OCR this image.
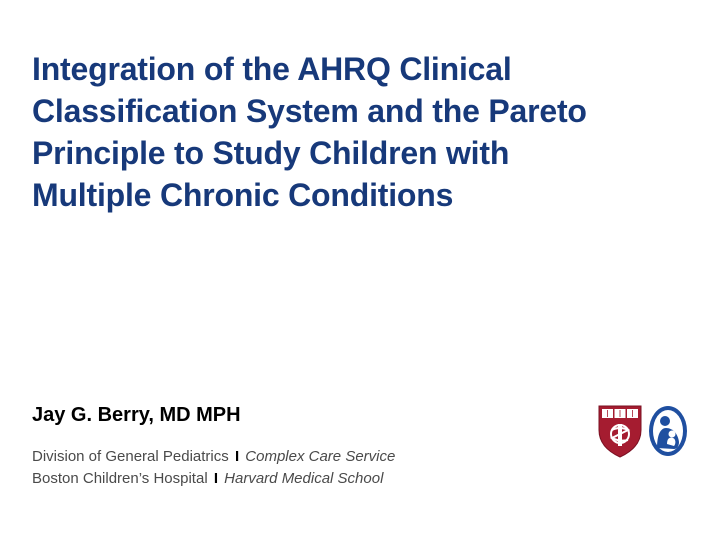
Integration of the AHRQ Clinical
Classification System and the Pareto
Principle to Study Children with
Multiple Chronic Conditions

Jay G. Berry, MD MPH

Division of General Pediatrics I Complex Care Service

Boston Children’s Hospital I Harvard Medical School
